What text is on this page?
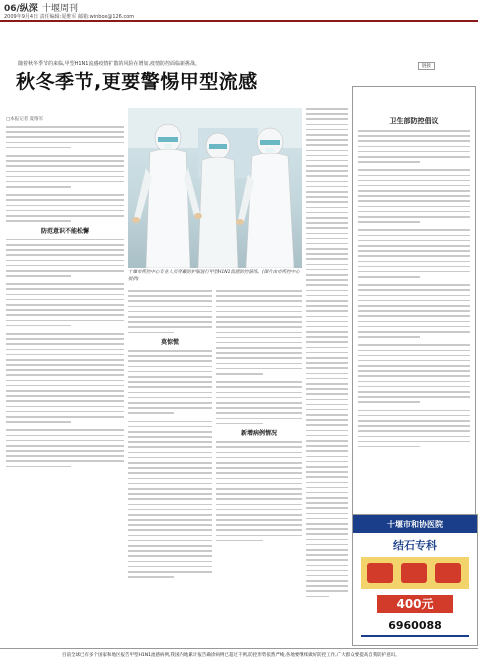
06/纵深 十堰周刊
2009年9月4日 责任编辑:夏维军 邮箱:winbox@126.com
随着秋冬季节的来临,甲型H1N1流感疫情扩散的风险在增加,疫情防控面临新挑战。
秋冬季节,更要警惕甲型流感
□本报记者 夏维军
防范意识不能松懈
十堰市疾控中心专业人员穿戴防护服进行甲型H1N1流感防控演练。(图片由市疾控中心提供)
莫惊慌
新增病例情况
链接
卫生部防控倡议
十堰市和协医院
结石专科
400元
6960088
目前全球已有多个国家和地区报告甲型H1N1流感病例,我国内地累计报告确诊病例已超过千例,防控形势依然严峻,各地要继续做好防控工作,广大群众要提高自我防护意识。
